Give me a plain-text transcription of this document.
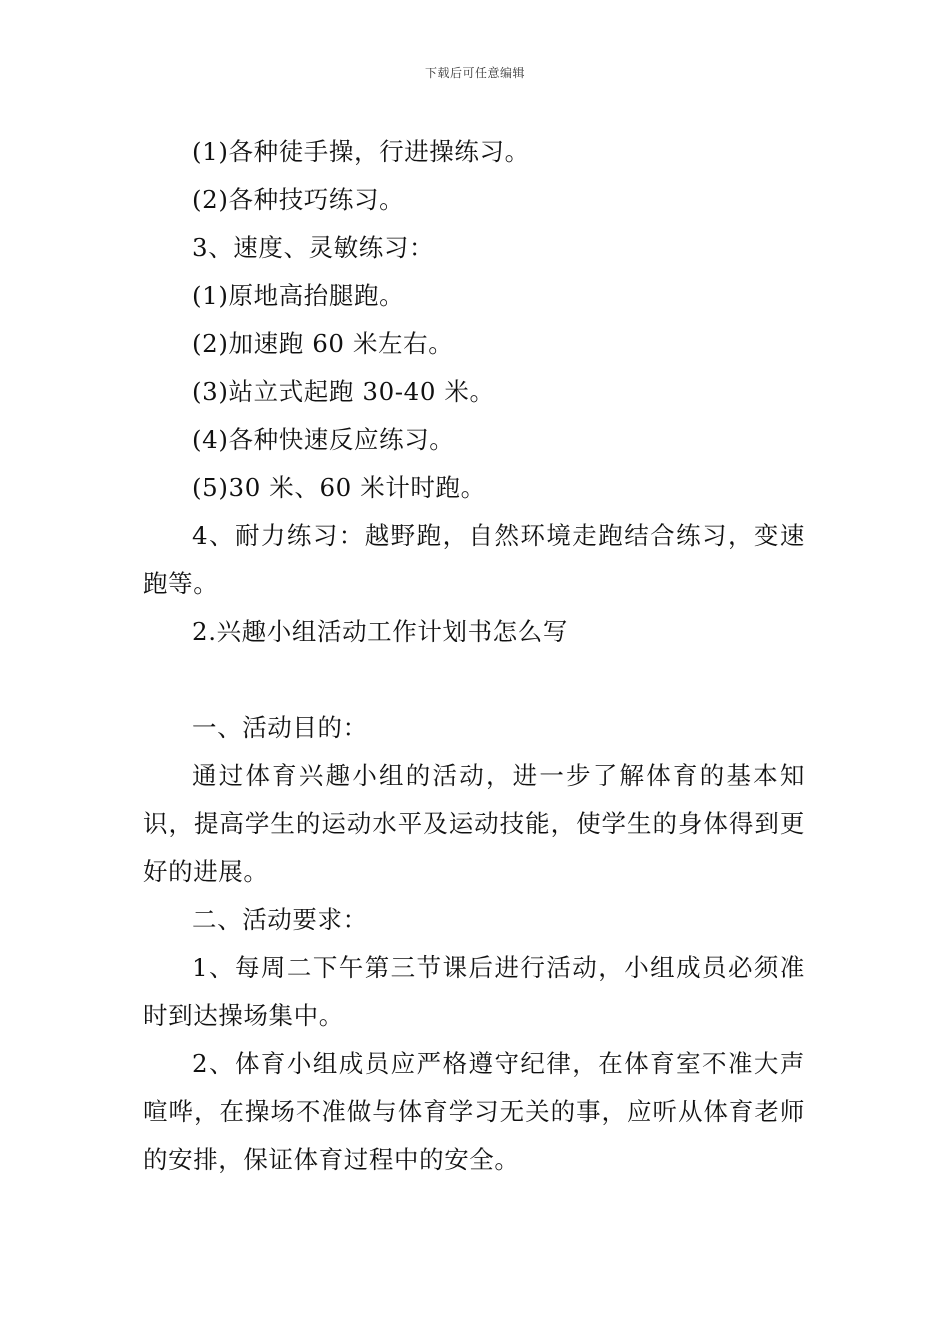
下载后可任意编辑

(1)各种徒手操，行进操练习。

(2)各种技巧练习。

3、速度、灵敏练习：

(1)原地高抬腿跑。

(2)加速跑 60 米左右。

(3)站立式起跑 30-40 米。

(4)各种快速反应练习。

(5)30 米、60 米计时跑。

4、耐力练习：越野跑，自然环境走跑结合练习，变速跑等。

2.兴趣小组活动工作计划书怎么写

一、活动目的：

通过体育兴趣小组的活动，进一步了解体育的基本知识，提高学生的运动水平及运动技能，使学生的身体得到更好的进展。

二、活动要求：

1、每周二下午第三节课后进行活动，小组成员必须准时到达操场集中。

2、体育小组成员应严格遵守纪律，在体育室不准大声喧哗，在操场不准做与体育学习无关的事，应听从体育老师的安排，保证体育过程中的安全。
